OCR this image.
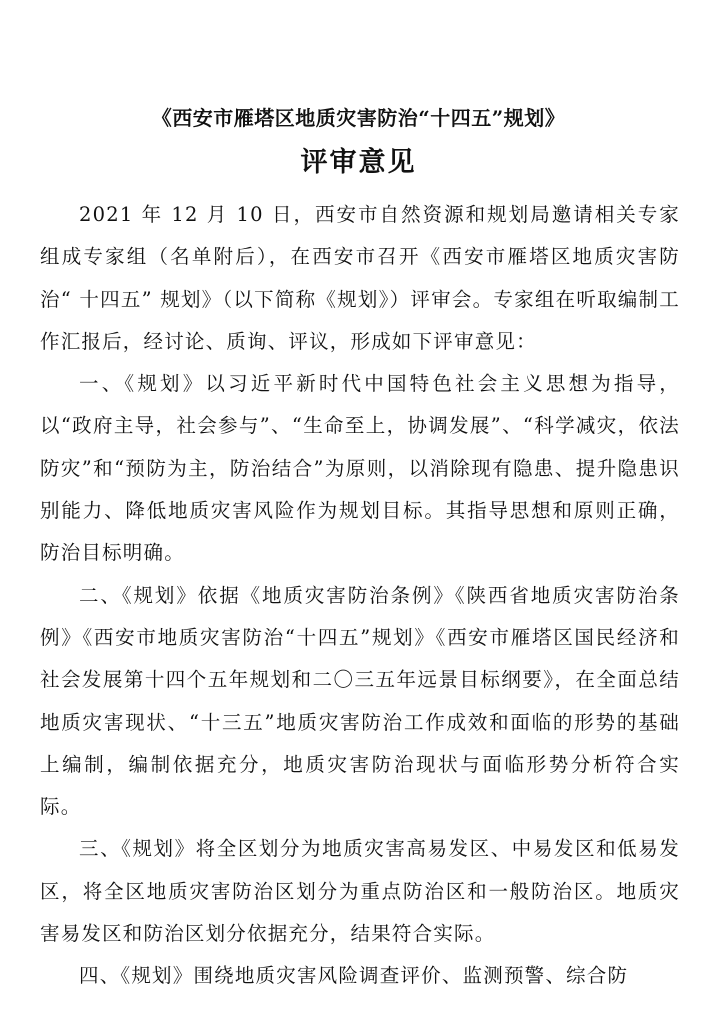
《西安市雁塔区地质灾害防治“十四五”规划》
评审意见

2021 年 12 月 10 日，西安市自然资源和规划局邀请相关专家组成专家组（名单附后），在西安市召开《西安市雁塔区地质灾害防治“ 十四五” 规划》（以下简称《规划》）评审会。专家组在听取编制工作汇报后，经讨论、质询、评议，形成如下评审意见：

一、《规划》以习近平新时代中国特色社会主义思想为指导，以“政府主导，社会参与”、“生命至上，协调发展”、“科学减灾，依法防灾”和“预防为主，防治结合”为原则，以消除现有隐患、提升隐患识别能力、降低地质灾害风险作为规划目标。其指导思想和原则正确，防治目标明确。

二、《规划》依据《地质灾害防治条例》《陕西省地质灾害防治条例》《西安市地质灾害防治“十四五”规划》《西安市雁塔区国民经济和社会发展第十四个五年规划和二〇三五年远景目标纲要》，在全面总结地质灾害现状、“十三五”地质灾害防治工作成效和面临的形势的基础上编制，编制依据充分，地质灾害防治现状与面临形势分析符合实际。

三、《规划》将全区划分为地质灾害高易发区、中易发区和低易发区，将全区地质灾害防治区划分为重点防治区和一般防治区。地质灾害易发区和防治区划分依据充分，结果符合实际。

四、《规划》围绕地质灾害风险调查评价、监测预警、综合防
